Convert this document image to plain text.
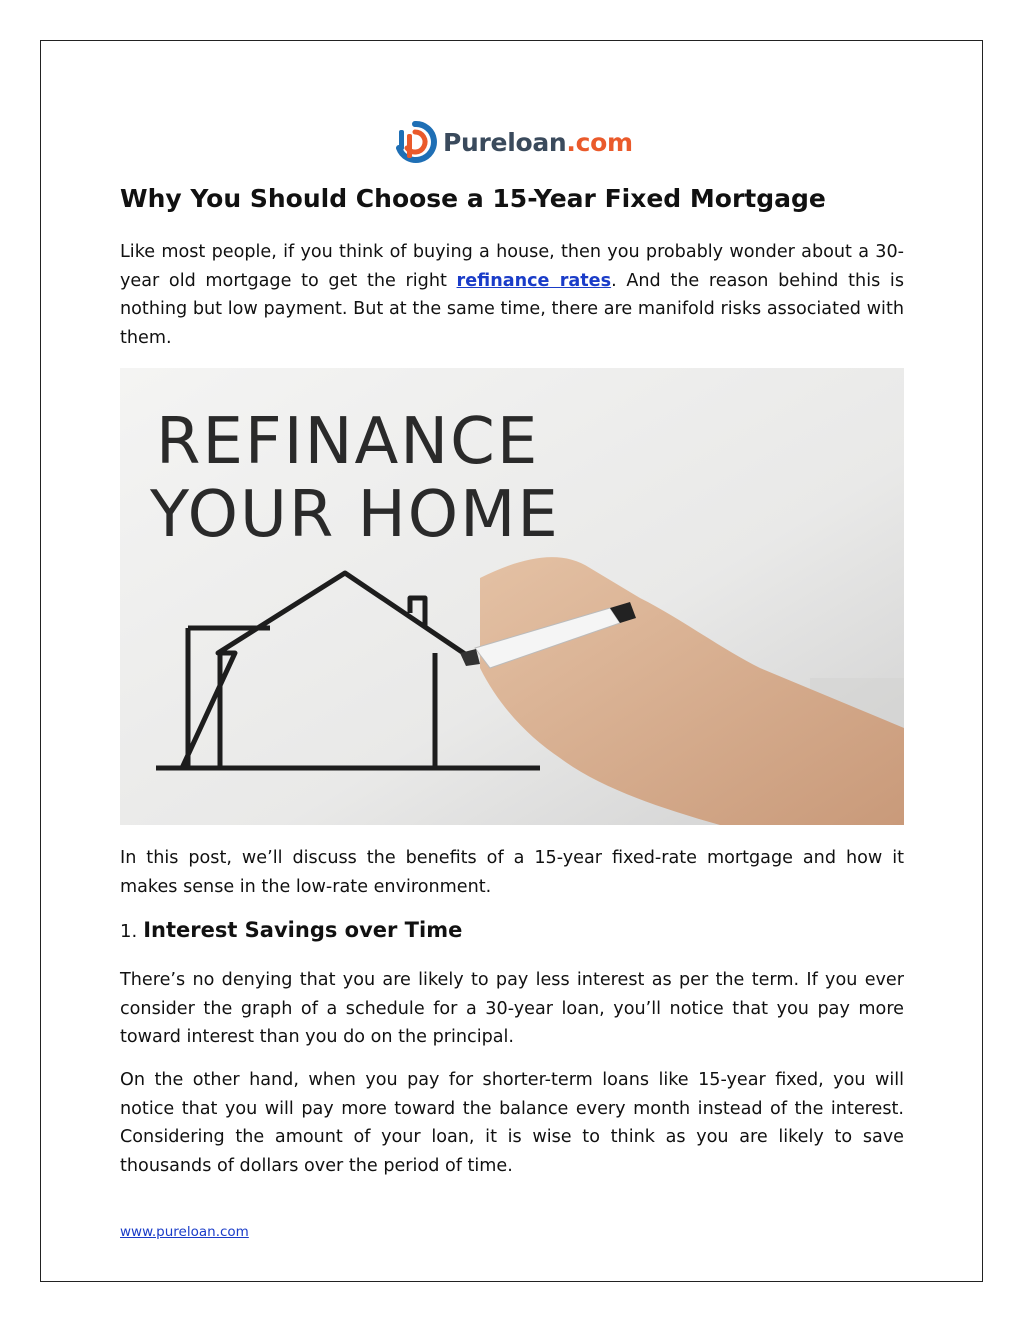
Pureloan.com
Why You Should Choose a 15-Year Fixed Mortgage

Like most people, if you think of buying a house, then you probably wonder about a 30-year old mortgage to get the right refinance rates. And the reason behind this is nothing but low payment. But at the same time, there are manifold risks associated with them.

REFINANCE
YOUR HOME

In this post, we’ll discuss the benefits of a 15-year fixed-rate mortgage and how it makes sense in the low-rate environment.

1. Interest Savings over Time

There’s no denying that you are likely to pay less interest as per the term. If you ever consider the graph of a schedule for a 30-year loan, you’ll notice that you pay more toward interest than you do on the principal.

On the other hand, when you pay for shorter-term loans like 15-year fixed, you will notice that you will pay more toward the balance every month instead of the interest. Considering the amount of your loan, it is wise to think as you are likely to save thousands of dollars over the period of time.

www.pureloan.com
